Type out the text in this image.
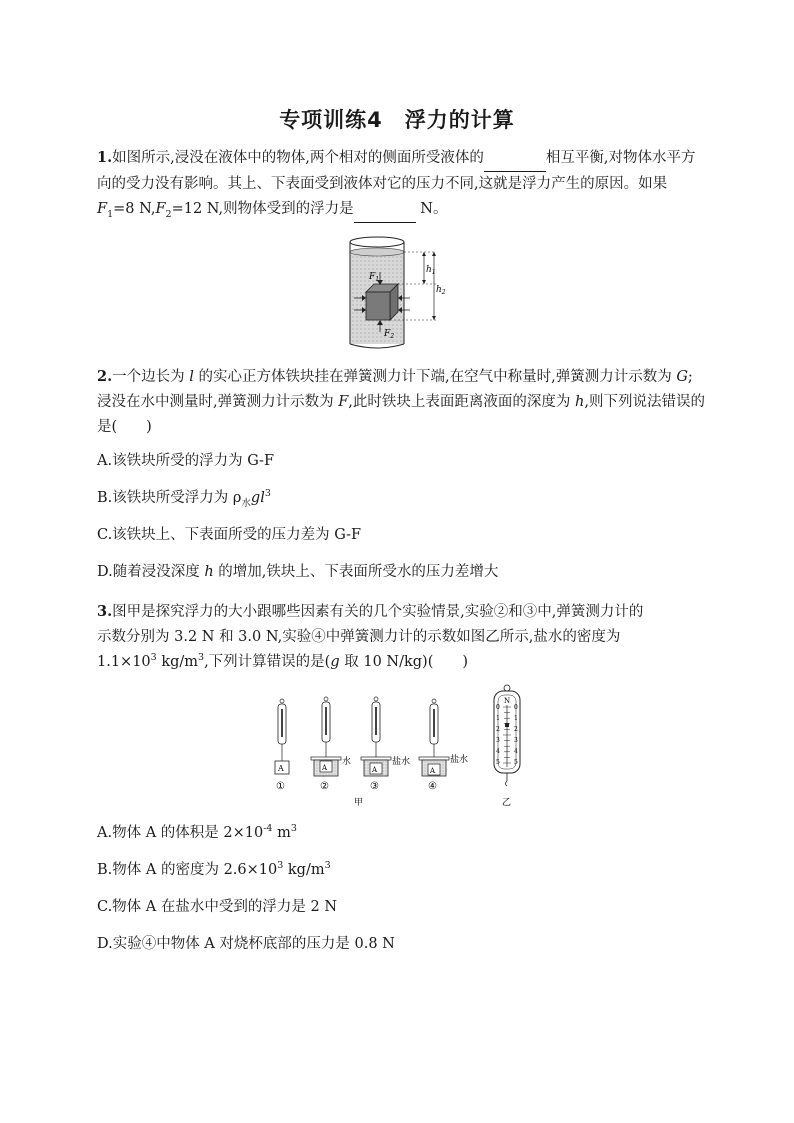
专项训练4　浮力的计算
1.如图所示,浸没在液体中的物体,两个相对的侧面所受液体的	相互平衡,对物体水平方向的受力没有影响。其上、下表面受到液体对它的压力不同,这就是浮力产生的原因。如果 $F_1=8$ $N,F_2=12$ N,则物体受到的浮力是	N。
$F_1$
$F_2$
$h_1$
$h_2$
2.一个边长为 l 的实心正方体铁块挂在弹簧测力计下端,在空气中称量时,弹簧测力计示数为 G;浸没在水中测量时,弹簧测力计示数为 F,此时铁块上表面距离液面的深度为 h,则下列说法错误的是(　　)
A.该铁块所受的浮力为 G-F
B.该铁块所受浮力为 $\rho_水gl^3$
C.该铁块上、下表面所受的压力差为 G-F
D.随着浸没深度 h 的增加,铁块上、下表面所受水的压力差增大
3.图甲是探究浮力的大小跟哪些因素有关的几个实验情景,实验②和③中,弹簧测力计的
示数分别为 3.2 N 和 3.0 N,实验④中弹簧测力计的示数如图乙所示,盐水的密度为
$1.1\times 10^3$ $kg/m^3$,下列计算错误的是(g 取 10 N/kg)(　　)
A
①
A
水
②
A
盐水
③
A
盐水
④
甲
N
0
1
2
3
4
5
0
1
2
3
4
5
乙
A.物体 A 的体积是 $2\times 10^{-4}$ $m^3$
B.物体 A 的密度为 $2.6\times 10^3$ $kg/m^3$
C.物体 A 在盐水中受到的浮力是 2 N
D.实验④中物体 A 对烧杯底部的压力是 0.8 N
